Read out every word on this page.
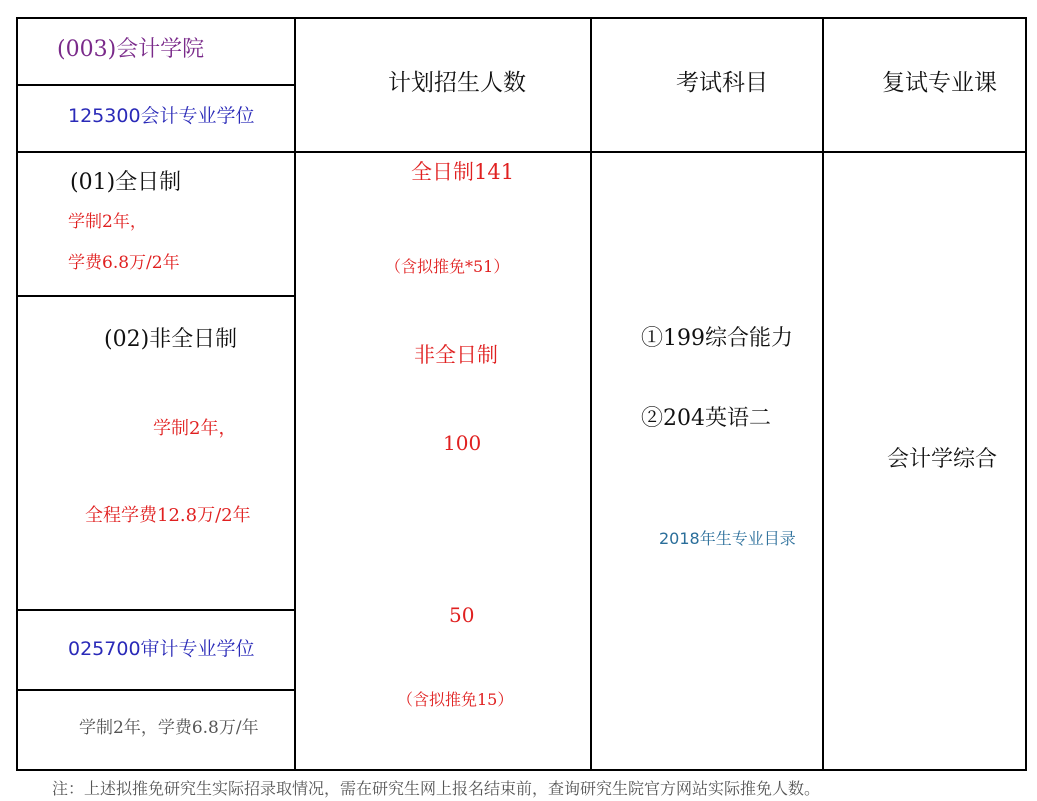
(003)会计学院
125300会计专业学位
计划招生人数	考试科目	复试专业课
(01)全日制
学制2年，
学费6.8万/2年
(02)非全日制
学制2年，
全程学费12.8万/2年
025700审计专业学位
学制2年，学费6.8万/年
全日制141
（含拟推免*51）
非全日制
100
50
（含拟推免15）
①199综合能力
②204英语二
2018年生专业目录
会计学综合
注：上述拟推免研究生实际招录取情况，需在研究生网上报名结束前，查询研究生院官方网站实际推免人数。
